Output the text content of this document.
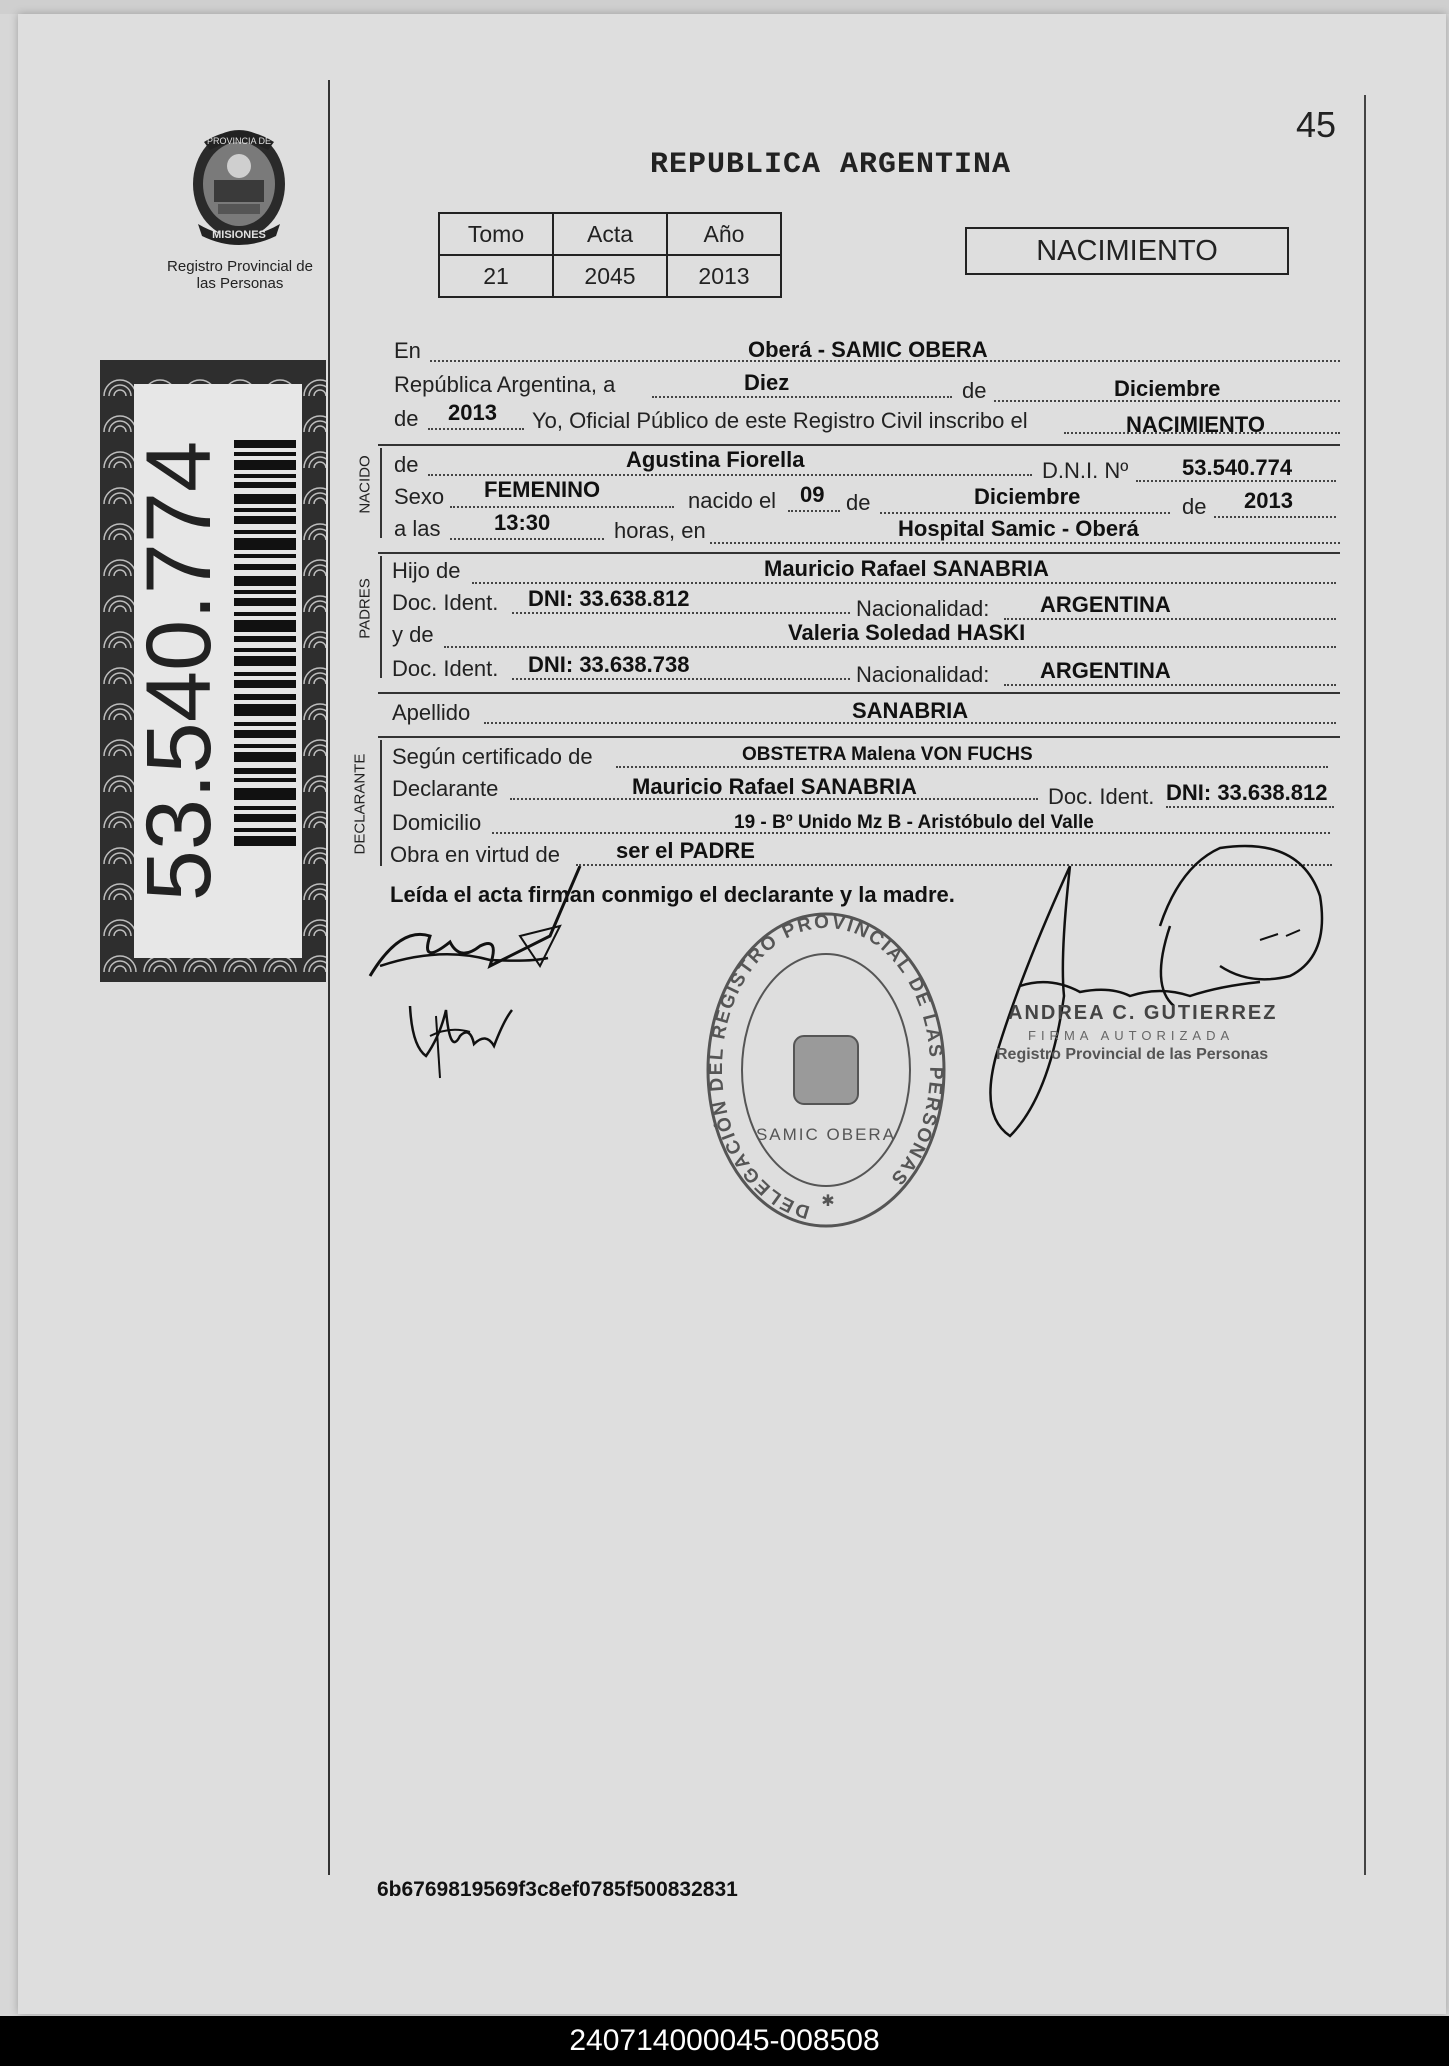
45
REPUBLICA ARGENTINA
PROVINCIA DE
MISIONES
Registro Provincial de las Personas
Tomo	Acta	Año
21	2045	2013
NACIMIENTO
53.540.774
En	Oberá - SAMIC OBERA
República Argentina, a	Diez	de	Diciembre
de 2013 Yo, Oficial Público de este Registro Civil inscribo el	NACIMIENTO
NACIDO de	Agustina Fiorella	D.N.I. Nº 53.540.774
Sexo FEMENINO	nacido el 09 de	Diciembre	de 2013
a las 13:30	horas, en	Hospital Samic - Oberá
PADRES
Hijo de	Mauricio Rafael SANABRIA
Doc. Ident. DNI: 33.638.812	Nacionalidad: ARGENTINA
y de	Valeria Soledad HASKI
Doc. Ident. DNI: 33.638.738	Nacionalidad: ARGENTINA
Apellido	SANABRIA
DECLARANTE Según certificado de	OBSTETRA Malena VON FUCHS
Declarante	Mauricio Rafael SANABRIA	Doc. Ident. DNI: 33.638.812
Domicilio	19 - Bº Unido Mz B - Aristóbulo del Valle
Obra en virtud de	ser el PADRE
Leída el acta firman conmigo el declarante y la madre.
DELEGACIÓN DEL REGISTRO PROVINCIAL DE LAS PERSONAS
SAMIC OBERA
✱
ANDREA C. GUTIERREZ
FIRMA AUTORIZADA
Registro Provincial de las Personas
6b6769819569f3c8ef0785f500832831
240714000045-008508
